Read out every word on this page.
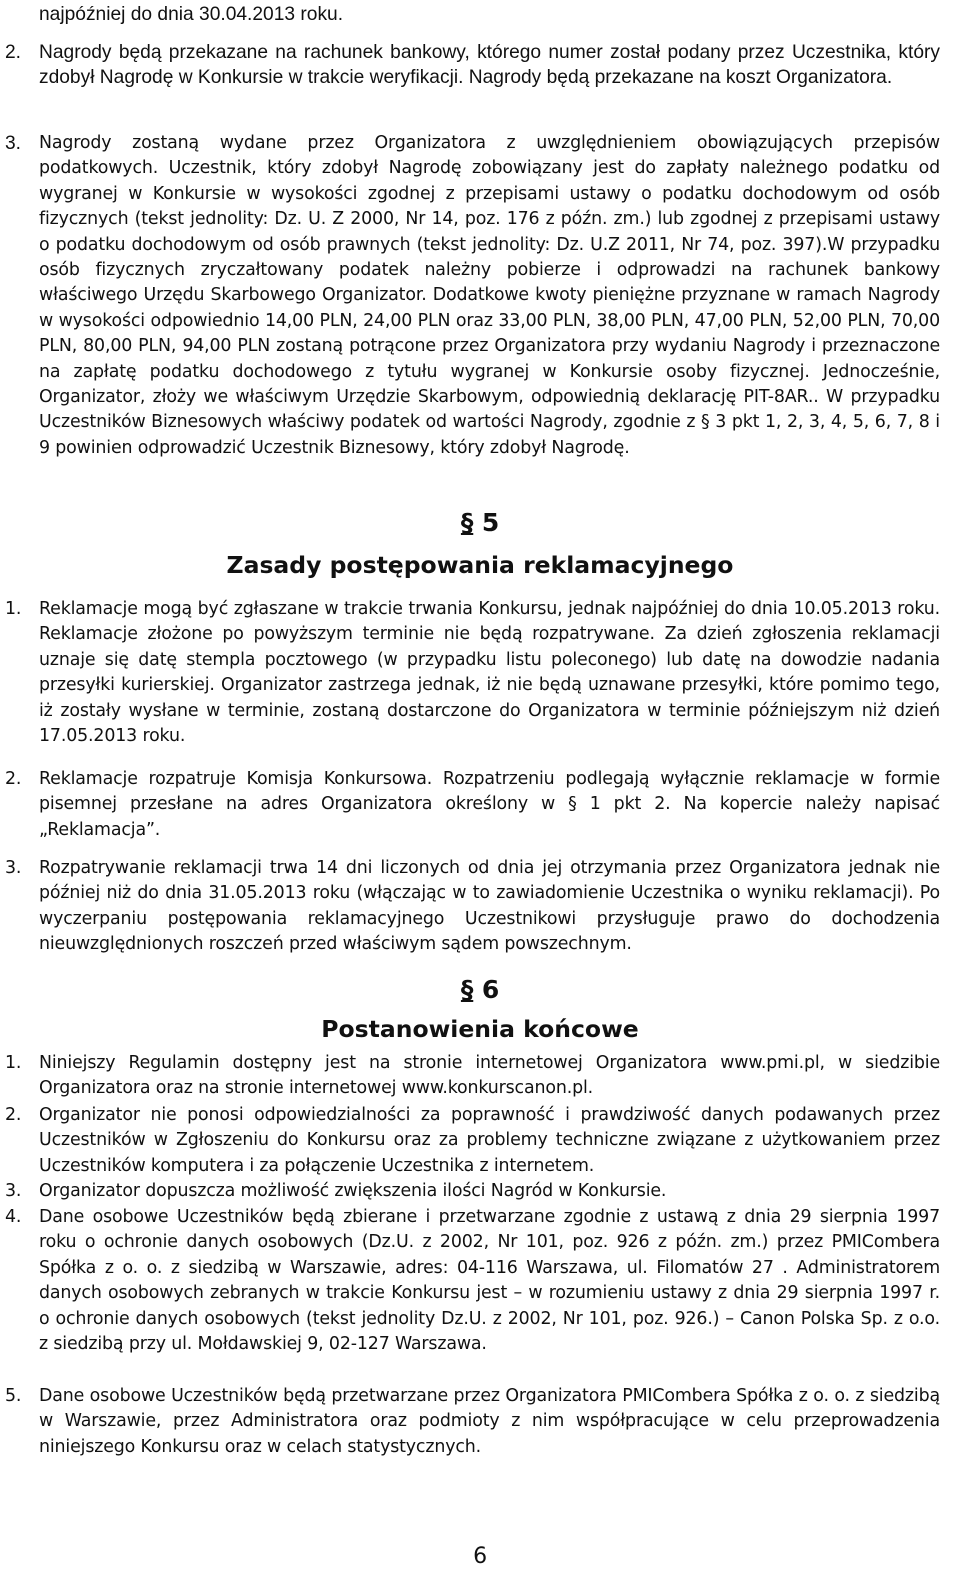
najpóźniej do dnia 30.04.2013 roku.

2. Nagrody będą przekazane na rachunek bankowy, którego numer został podany przez Uczestnika, który zdobył Nagrodę w Konkursie w trakcie weryfikacji. Nagrody będą przekazane na koszt Organizatora.
3. Nagrody zostaną wydane przez Organizatora z uwzględnieniem obowiązujących przepisów podatkowych. Uczestnik, który zdobył Nagrodę zobowiązany jest do zapłaty należnego podatku od wygranej w Konkursie w wysokości zgodnej z przepisami ustawy o podatku dochodowym od osób fizycznych (tekst jednolity: Dz. U. Z 2000, Nr 14, poz. 176 z późn. zm.) lub zgodnej z przepisami ustawy o podatku dochodowym od osób prawnych (tekst jednolity: Dz. U.Z 2011, Nr 74, poz. 397).W przypadku osób fizycznych zryczałtowany podatek należny pobierze i odprowadzi na rachunek bankowy właściwego Urzędu Skarbowego Organizator. Dodatkowe kwoty pieniężne przyznane w ramach Nagrody w wysokości odpowiednio 14,00 PLN, 24,00 PLN oraz 33,00 PLN, 38,00 PLN, 47,00 PLN, 52,00 PLN, 70,00 PLN, 80,00 PLN, 94,00 PLN zostaną potrącone przez Organizatora przy wydaniu Nagrody i przeznaczone na zapłatę podatku dochodowego z tytułu wygranej w Konkursie osoby fizycznej. Jednocześnie, Organizator, złoży we właściwym Urzędzie Skarbowym, odpowiednią deklarację PIT-8AR.. W przypadku Uczestników Biznesowych właściwy podatek od wartości Nagrody, zgodnie z § 3 pkt 1, 2, 3, 4, 5, 6, 7, 8 i 9 powinien odprowadzić Uczestnik Biznesowy, który zdobył Nagrodę.
§ 5
Zasady postępowania reklamacyjnego
1. Reklamacje mogą być zgłaszane w trakcie trwania Konkursu, jednak najpóźniej do dnia 10.05.2013 roku. Reklamacje złożone po powyższym terminie nie będą rozpatrywane. Za dzień zgłoszenia reklamacji uznaje się datę stempla pocztowego (w przypadku listu poleconego) lub datę na dowodzie nadania przesyłki kurierskiej. Organizator zastrzega jednak, iż nie będą uznawane przesyłki, które pomimo tego, iż zostały wysłane w terminie, zostaną dostarczone do Organizatora w terminie późniejszym niż dzień 17.05.2013 roku.
2. Reklamacje rozpatruje Komisja Konkursowa. Rozpatrzeniu podlegają wyłącznie reklamacje w formie pisemnej przesłane na adres Organizatora określony w § 1 pkt 2. Na kopercie należy napisać „Reklamacja”.
3. Rozpatrywanie reklamacji trwa 14 dni liczonych od dnia jej otrzymania przez Organizatora jednak nie później niż do dnia 31.05.2013 roku (włączając w to zawiadomienie Uczestnika o wyniku reklamacji). Po wyczerpaniu postępowania reklamacyjnego Uczestnikowi przysługuje prawo do dochodzenia nieuwzględnionych roszczeń przed właściwym sądem powszechnym.
§ 6
Postanowienia końcowe
1. Niniejszy Regulamin dostępny jest na stronie internetowej Organizatora www.pmi.pl, w siedzibie Organizatora oraz na stronie internetowej www.konkurscanon.pl.
2. Organizator nie ponosi odpowiedzialności za poprawność i prawdziwość danych podawanych przez Uczestników w Zgłoszeniu do Konkursu oraz za problemy techniczne związane z użytkowaniem przez Uczestników komputera i za połączenie Uczestnika z internetem.
3. Organizator dopuszcza możliwość zwiększenia ilości Nagród w Konkursie.
4. Dane osobowe Uczestników będą zbierane i przetwarzane zgodnie z ustawą z dnia 29 sierpnia 1997 roku o ochronie danych osobowych (Dz.U. z 2002, Nr 101, poz. 926 z późn. zm.) przez PMICombera Spółka z o. o. z siedzibą w Warszawie, adres: 04-116 Warszawa, ul. Filomatów 27 . Administratorem danych osobowych zebranych w trakcie Konkursu jest – w rozumieniu ustawy z dnia 29 sierpnia 1997 r. o ochronie danych osobowych (tekst jednolity Dz.U. z 2002, Nr 101, poz. 926.) – Canon Polska Sp. z o.o. z siedzibą przy ul. Mołdawskiej 9, 02-127 Warszawa.
5. Dane osobowe Uczestników będą przetwarzane przez Organizatora PMICombera Spółka z o. o. z siedzibą w Warszawie, przez Administratora oraz podmioty z nim współpracujące w celu przeprowadzenia niniejszego Konkursu oraz w celach statystycznych.
6
